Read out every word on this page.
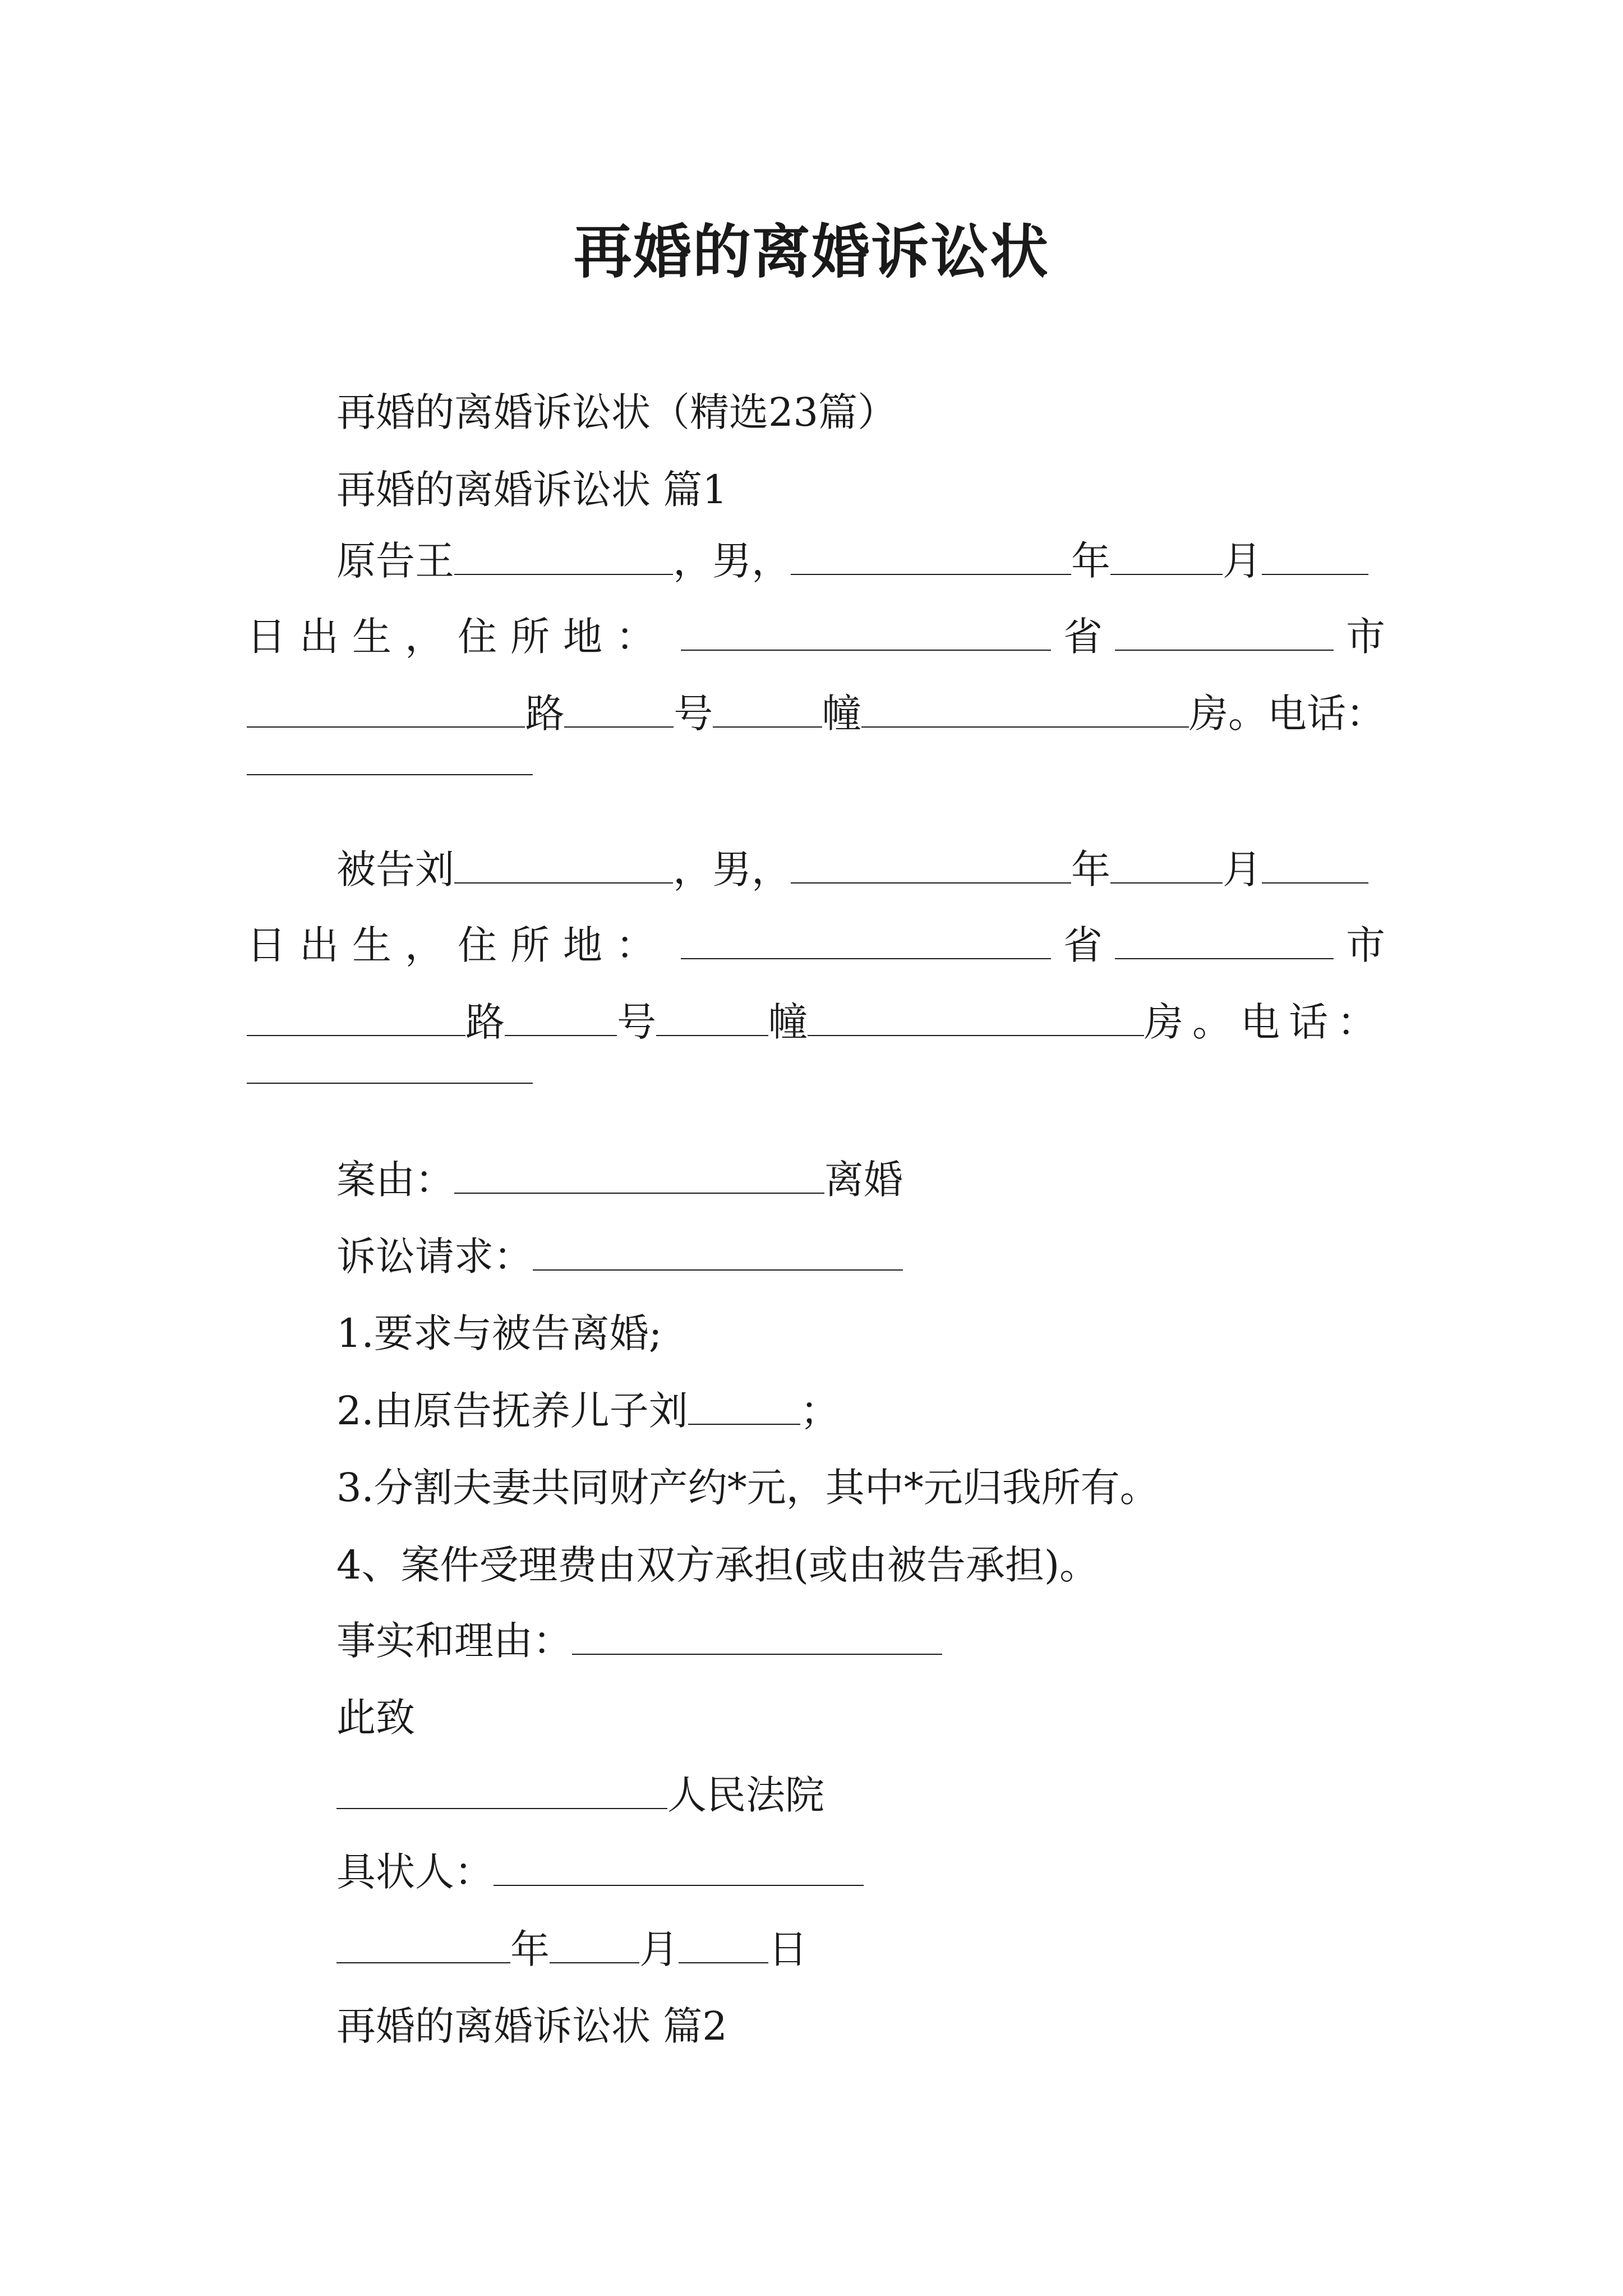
再婚的离婚诉讼状
再婚的离婚诉讼状（精选23篇）
再婚的离婚诉讼状 篇1
原告王	，男，	年	月
日出生，住所地：	省	市
路	号	幢	房。电话：
被告刘	，男，	年	月
日出生，住所地：	省	市
路	号	幢	房。电话：
案由：	离婚
诉讼请求：
1.要求与被告离婚;
2.由原告抚养儿子刘	；
3.分割夫妻共同财产约*元，其中*元归我所有。
4、案件受理费由双方承担(或由被告承担)。
事实和理由：
此致
人民法院
具状人：
年 月 日
再婚的离婚诉讼状 篇2
